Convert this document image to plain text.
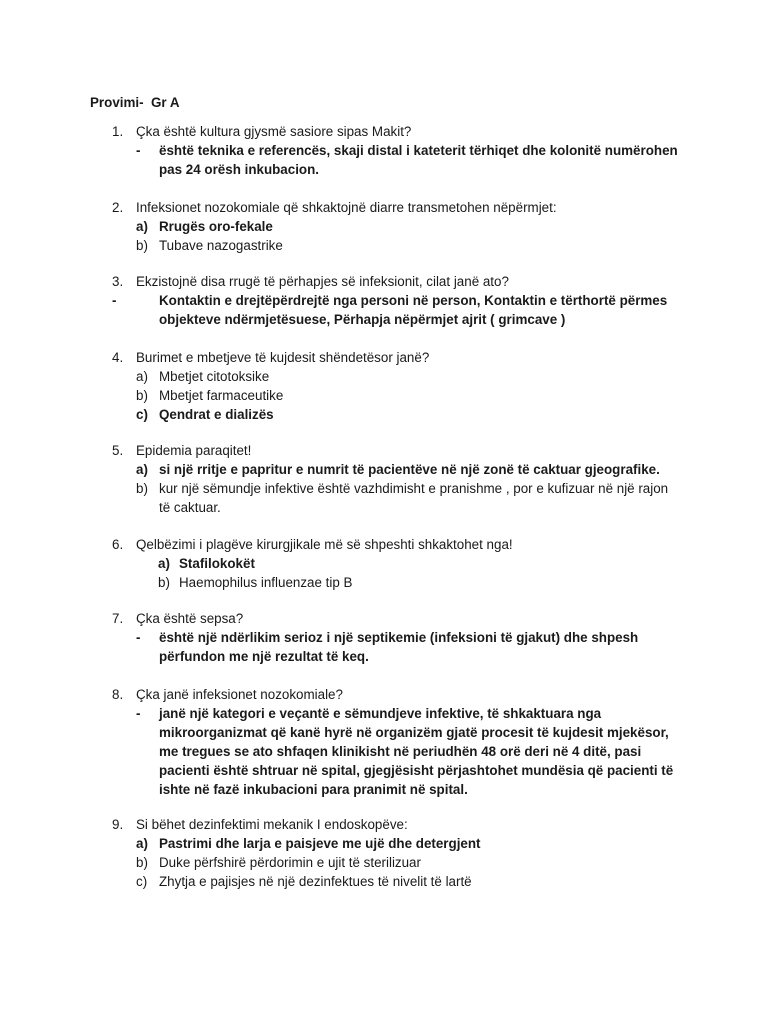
Provimi-  Gr A
1. Çka është kultura gjysmë sasiore sipas Makit?
- është teknika e referencës, skaji distal i kateterit tërhiqet dhe kolonitë numërohen pas 24 orësh inkubacion.
2. Infeksionet nozokomiale që shkaktojnë diarre transmetohen nëpërmjet:
a) Rrugës oro-fekale
b) Tubave nazogastrike
3. Ekzistojnë disa rrugë të përhapjes së infeksionit, cilat janë ato?
-	Kontaktin e drejtëpërdrejtë nga personi në person, Kontaktin e tërthortë përmes objekteve ndërmjetësuese, Përhapja nëpërmjet ajrit ( grimcave )
4. Burimet e mbetjeve të kujdesit shëndetësor janë?
a) Mbetjet citotoksike
b) Mbetjet farmaceutike
c) Qendrat e dializës
5. Epidemia paraqitet!
a) si një rritje e papritur e numrit të pacientëve në një zonë të caktuar gjeografike.
b) kur një sëmundje infektive është vazhdimisht e pranishme , por e kufizuar në një rajon të caktuar.
6. Qelbëzimi i plagëve kirurgjikale më së shpeshti shkaktohet nga!
a) Stafilokokët
b) Haemophilus influenzae tip B
7. Çka është sepsa?
- është një ndërlikim serioz i një septikemie (infeksioni të gjakut) dhe shpesh përfundon me një rezultat të keq.
8. Çka janë infeksionet nozokomiale?
- janë një kategori e veçantë e sëmundjeve infektive, të shkaktuara nga mikroorganizmat që kanë hyrë në organizëm gjatë procesit të kujdesit mjekësor, me tregues se ato shfaqen klinikisht në periudhën 48 orë deri në 4 ditë, pasi pacienti është shtruar në spital, gjegjësisht përjashtohet mundësia që pacienti të ishte në fazë inkubacioni para pranimit në spital.
9. Si bëhet dezinfektimi mekanik I endoskopëve:
a) Pastrimi dhe larja e paisjeve me ujë dhe detergjent
b) Duke përfshirë përdorimin e ujit të sterilizuar
c) Zhytja e pajisjes në një dezinfektues të nivelit të lartë
